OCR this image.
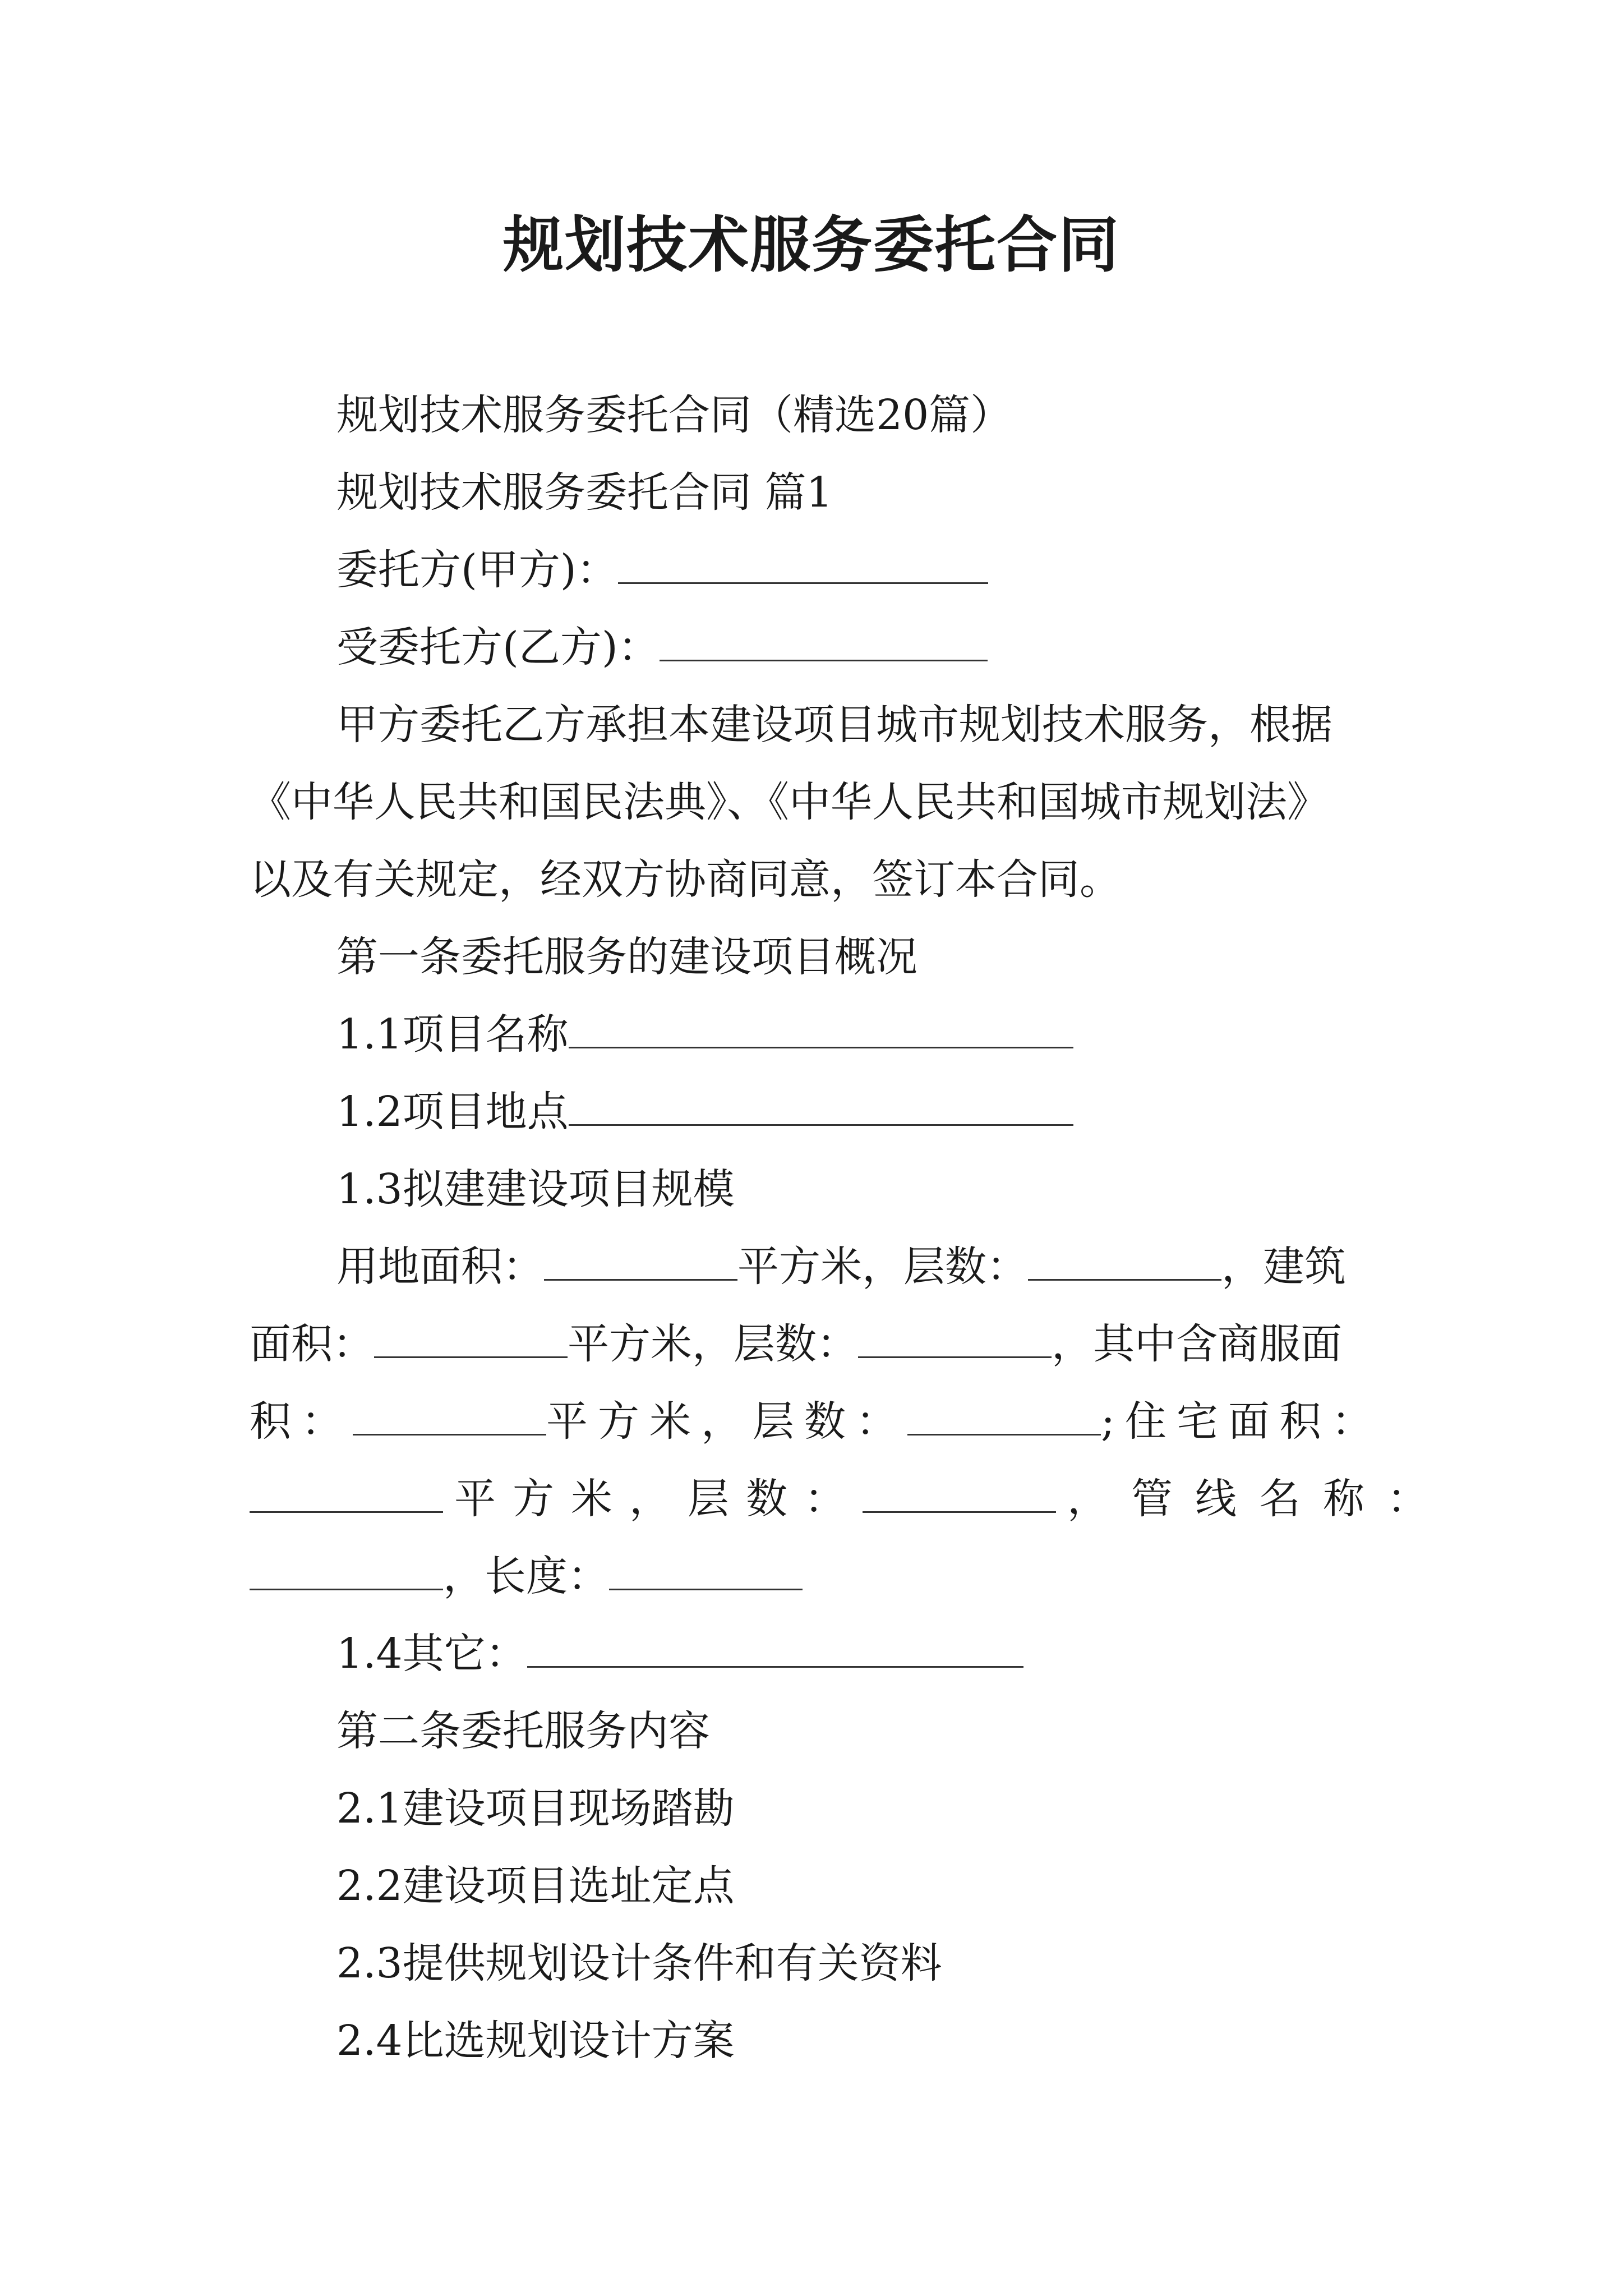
规划技术服务委托合同
规划技术服务委托合同（精选20篇）
规划技术服务委托合同 篇1
委托方(甲方)：
受委托方(乙方)：
甲方委托乙方承担本建设项目城市规划技术服务，根据
《中华人民共和国民法典》、《中华人民共和国城市规划法》
以及有关规定，经双方协商同意，签订本合同。
第一条委托服务的建设项目概况
1.1项目名称
1.2项目地点
1.3拟建建设项目规模
用地面积：	平方米，层数：	，建筑
面积：	平方米，层数：	，其中含商服面
积：	平方米，层数：	;住宅面积：
平方米，层数：	，管线名称：
，长度：
1.4其它：
第二条委托服务内容
2.1建设项目现场踏勘
2.2建设项目选址定点
2.3提供规划设计条件和有关资料
2.4比选规划设计方案
